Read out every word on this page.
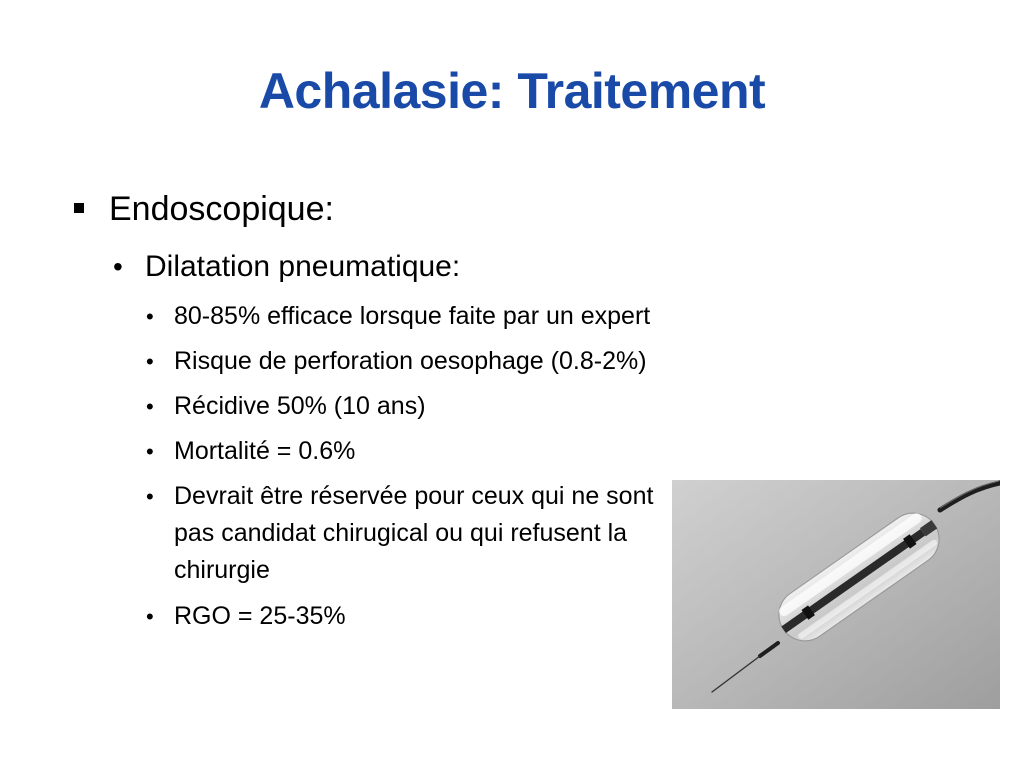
Achalasie: Traitement
Endoscopique:
• Dilatation pneumatique:
• 80-85% efficace lorsque faite par un expert
• Risque de perforation oesophage (0.8-2%)
• Récidive 50% (10 ans)
• Mortalité = 0.6%
• Devrait être réservée pour ceux qui ne sont pas candidat chirugical ou qui refusent la chirurgie
• RGO = 25-35%
